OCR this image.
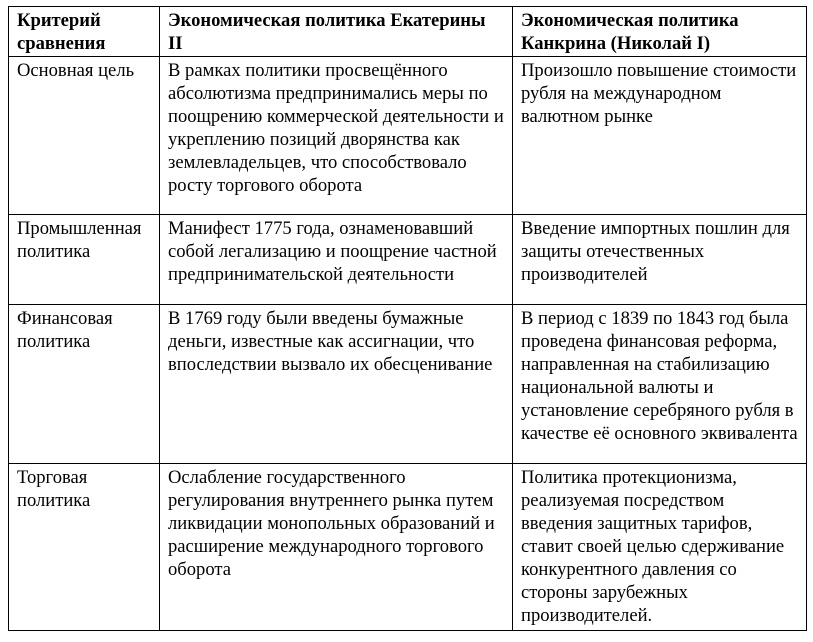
Критерий сравнения	Экономическая политика Екатерины II	Экономическая политика Канкрина (Николай I)
Основная цель	В рамках политики просвещённого абсолютизма предпринимались меры по поощрению коммерческой деятельности и укреплению позиций дворянства как землевладельцев, что способствовало росту торгового оборота	Произошло повышение стоимости рубля на международном валютном рынке
Промышленная политика	Манифест 1775 года, ознаменовавший собой легализацию и поощрение частной предпринимательской деятельности	Введение импортных пошлин для защиты отечественных производителей
Финансовая политика	В 1769 году были введены бумажные деньги, известные как ассигнации, что впоследствии вызвало их обесценивание	В период с 1839 по 1843 год была проведена финансовая реформа, направленная на стабилизацию национальной валюты и установление серебряного рубля в качестве её основного эквивалента
Торговая политика	Ослабление государственного регулирования внутреннего рынка путем ликвидации монопольных образований и расширение международного торгового оборота	Политика протекционизма, реализуемая посредством введения защитных тарифов, ставит своей целью сдерживание конкурентного давления со стороны зарубежных производителей.
